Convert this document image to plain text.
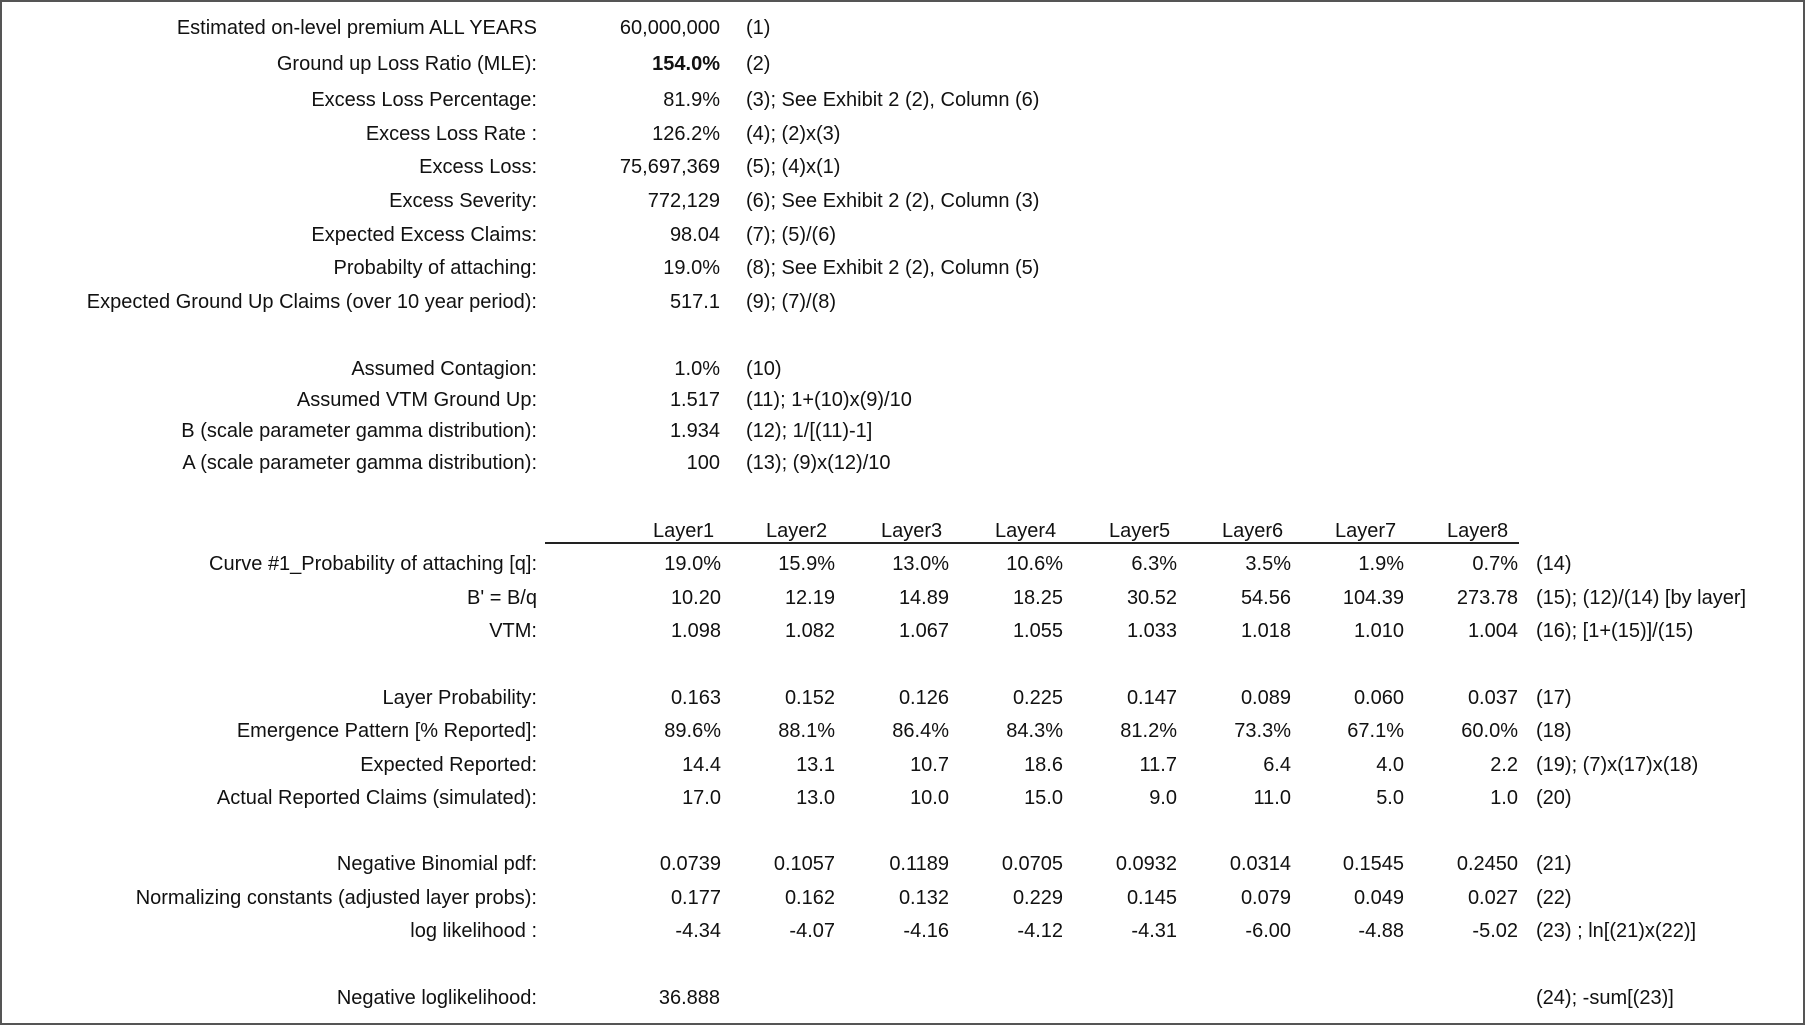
Estimated on-level premium ALL YEARS	60,000,000 (1)
Ground up Loss Ratio (MLE):	154.0% (2)
Excess Loss Percentage:	81.9% (3); See Exhibit 2 (2), Column (6)
Excess Loss Rate :	126.2% (4); (2)x(3)
Excess Loss:	75,697,369 (5); (4)x(1)
Excess Severity:	772,129 (6); See Exhibit 2 (2), Column (3)
Expected Excess Claims:	98.04 (7); (5)/(6)
Probabilty of attaching:	19.0% (8); See Exhibit 2 (2), Column (5)
Expected Ground Up Claims (over 10 year period):	517.1 (9); (7)/(8)
Assumed Contagion:	1.0% (10)
Assumed VTM Ground Up:	1.517 (11); 1+(10)x(9)/10
B (scale parameter gamma distribution):	1.934 (12); 1/[(11)-1]
A (scale parameter gamma distribution):	100 (13); (9)x(12)/10
Layer1	Layer2	Layer3	Layer4	Layer5	Layer6	Layer7	Layer8
Curve #1_Probability of attaching [q]:	19.0%	15.9%	13.0%	10.6%	6.3%	3.5%	1.9%	0.7% (14)
B' = B/q	10.20	12.19	14.89	18.25	30.52	54.56	104.39	273.78 (15); (12)/(14) [by layer]
VTM:	1.098	1.082	1.067	1.055	1.033	1.018	1.010	1.004 (16); [1+(15)]/(15)
Layer Probability:	0.163	0.152	0.126	0.225	0.147	0.089	0.060	0.037 (17)
Emergence Pattern [% Reported]:	89.6%	88.1%	86.4%	84.3%	81.2%	73.3%	67.1%	60.0% (18)
Expected Reported:	14.4	13.1	10.7	18.6	11.7	6.4	4.0	2.2 (19); (7)x(17)x(18)
Actual Reported Claims (simulated):	17.0	13.0	10.0	15.0	9.0	11.0	5.0	1.0 (20)
Negative Binomial pdf:	0.0739	0.1057	0.1189	0.0705	0.0932	0.0314	0.1545	0.2450 (21)
Normalizing constants (adjusted layer probs):	0.177	0.162	0.132	0.229	0.145	0.079	0.049	0.027 (22)
log likelihood :	-4.34	-4.07	-4.16	-4.12	-4.31	-6.00	-4.88	-5.02 (23) ; ln[(21)x(22)]
Negative loglikelihood:	36.888	(24); -sum[(23)]
